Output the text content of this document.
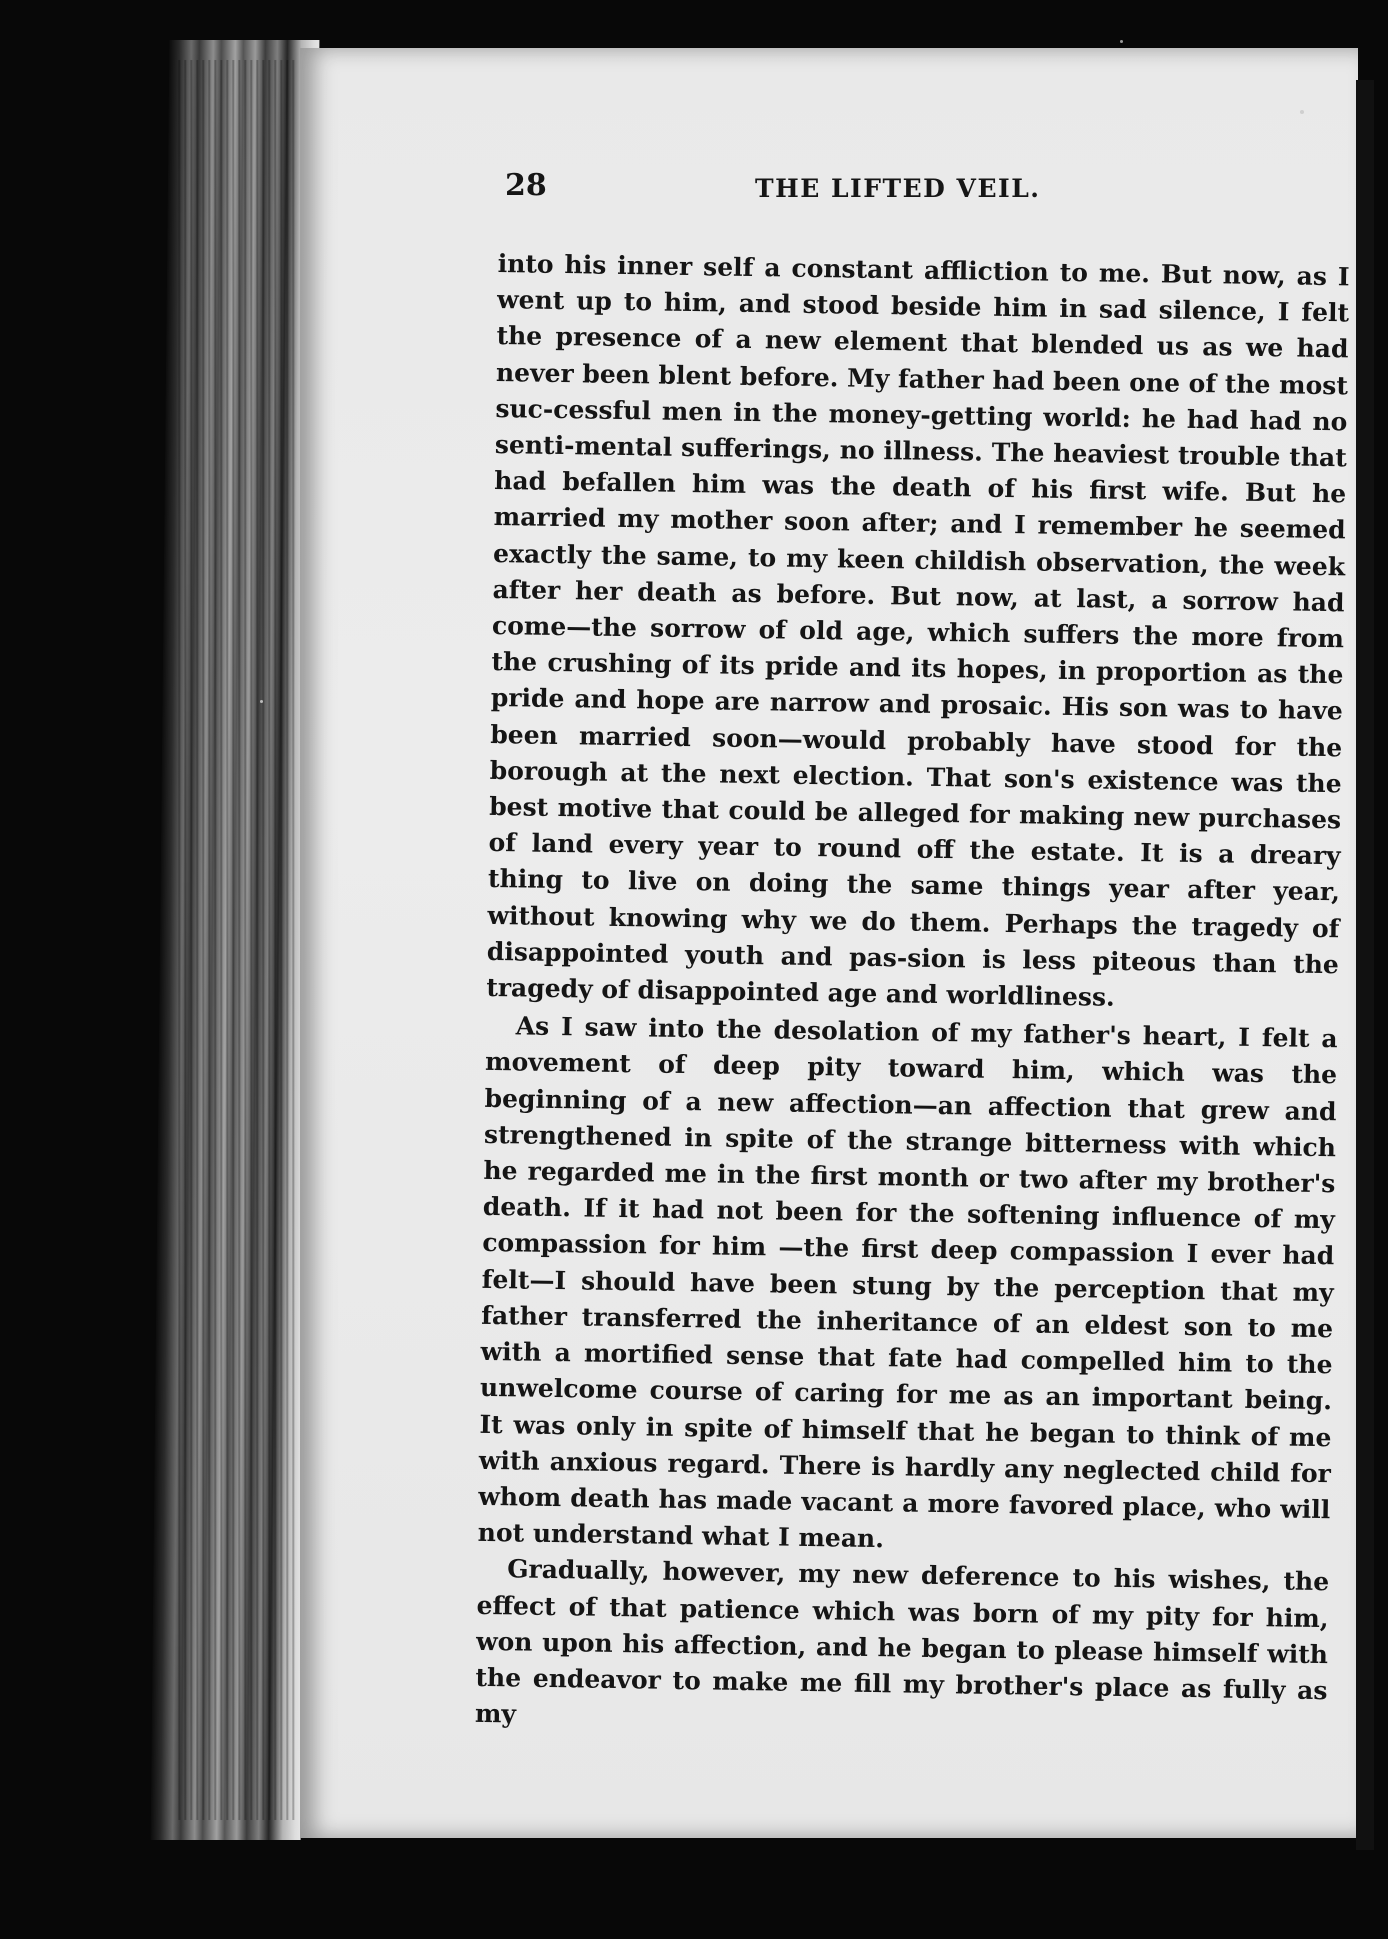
28	THE LIFTED VEIL.

into his inner self a constant affliction to me. But now, as I went up to him, and stood beside him in sad silence, I felt the presence of a new element that blended us as we had never been blent before. My father had been one of the most suc-cessful men in the money-getting world: he had had no senti-mental sufferings, no illness. The heaviest trouble that had befallen him was the death of his first wife. But he married my mother soon after; and I remember he seemed exactly the same, to my keen childish observation, the week after her death as before. But now, at last, a sorrow had come—the sorrow of old age, which suffers the more from the crushing of its pride and its hopes, in proportion as the pride and hope are narrow and prosaic. His son was to have been married soon—would probably have stood for the borough at the next election. That son's existence was the best motive that could be alleged for making new purchases of land every year to round off the estate. It is a dreary thing to live on doing the same things year after year, without knowing why we do them. Perhaps the tragedy of disappointed youth and pas-sion is less piteous than the tragedy of disappointed age and worldliness.

As I saw into the desolation of my father's heart, I felt a movement of deep pity toward him, which was the beginning of a new affection—an affection that grew and strengthened in spite of the strange bitterness with which he regarded me in the first month or two after my brother's death. If it had not been for the softening influence of my compassion for him —the first deep compassion I ever had felt—I should have been stung by the perception that my father transferred the inheritance of an eldest son to me with a mortified sense that fate had compelled him to the unwelcome course of caring for me as an important being. It was only in spite of himself that he began to think of me with anxious regard. There is hardly any neglected child for whom death has made vacant a more favored place, who will not understand what I mean.

Gradually, however, my new deference to his wishes, the effect of that patience which was born of my pity for him, won upon his affection, and he began to please himself with the endeavor to make me fill my brother's place as fully as my
